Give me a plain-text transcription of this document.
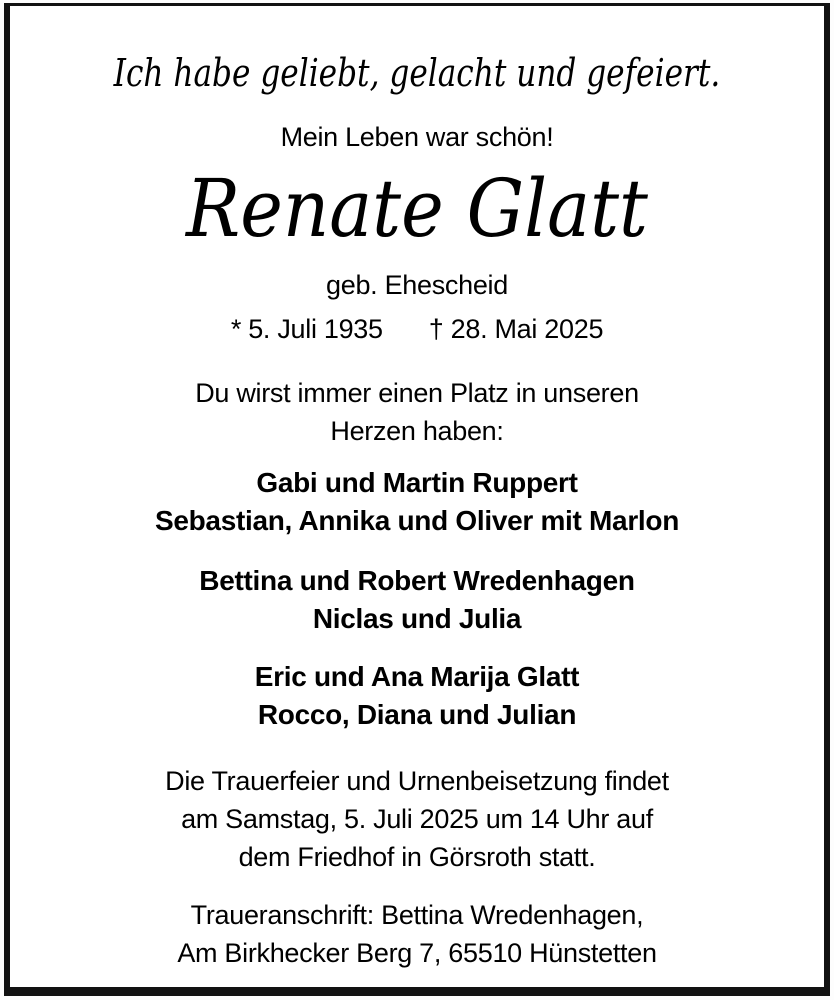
Ich habe geliebt, gelacht und gefeiert.
Mein Leben war schön!
Renate Glatt
geb. Ehescheid
* 5. Juli 1935 † 28. Mai 2025
Du wirst immer einen Platz in unseren
Herzen haben:
Gabi und Martin Ruppert
Sebastian, Annika und Oliver mit Marlon
Bettina und Robert Wredenhagen
Niclas und Julia
Eric und Ana Marija Glatt
Rocco, Diana und Julian
Die Trauerfeier und Urnenbeisetzung findet
am Samstag, 5. Juli 2025 um 14 Uhr auf
dem Friedhof in Görsroth statt.
Traueranschrift: Bettina Wredenhagen,
Am Birkhecker Berg 7, 65510 Hünstetten
